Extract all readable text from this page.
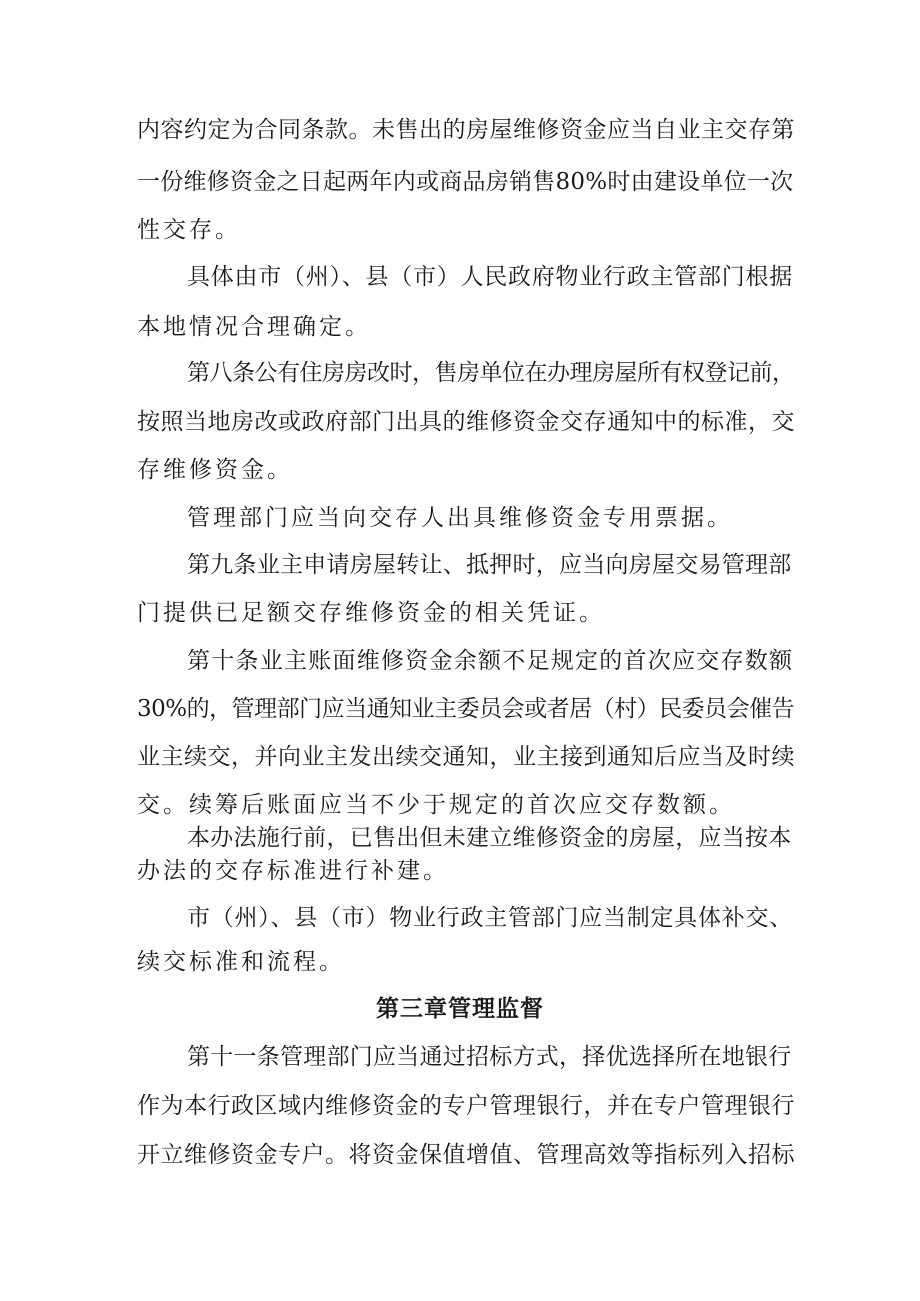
内容约定为合同条款。未售出的房屋维修资金应当自业主交存第
一份维修资金之日起两年内或商品房销售80%时由建设单位一次
性交存。
具体由市（州）、县（市）人民政府物业行政主管部门根据
本地情况合理确定。
第八条公有住房房改时，售房单位在办理房屋所有权登记前，
按照当地房改或政府部门出具的维修资金交存通知中的标准，交
存维修资金。
管理部门应当向交存人出具维修资金专用票据。
第九条业主申请房屋转让、抵押时，应当向房屋交易管理部
门提供已足额交存维修资金的相关凭证。
第十条业主账面维修资金余额不足规定的首次应交存数额
30%的，管理部门应当通知业主委员会或者居（村）民委员会催告
业主续交，并向业主发出续交通知，业主接到通知后应当及时续
交。续筹后账面应当不少于规定的首次应交存数额。
本办法施行前，已售出但未建立维修资金的房屋，应当按本
办法的交存标准进行补建。
市（州）、县（市）物业行政主管部门应当制定具体补交、
续交标准和流程。
第三章管理监督
第十一条管理部门应当通过招标方式，择优选择所在地银行
作为本行政区域内维修资金的专户管理银行，并在专户管理银行
开立维修资金专户。将资金保值增值、管理高效等指标列入招标
